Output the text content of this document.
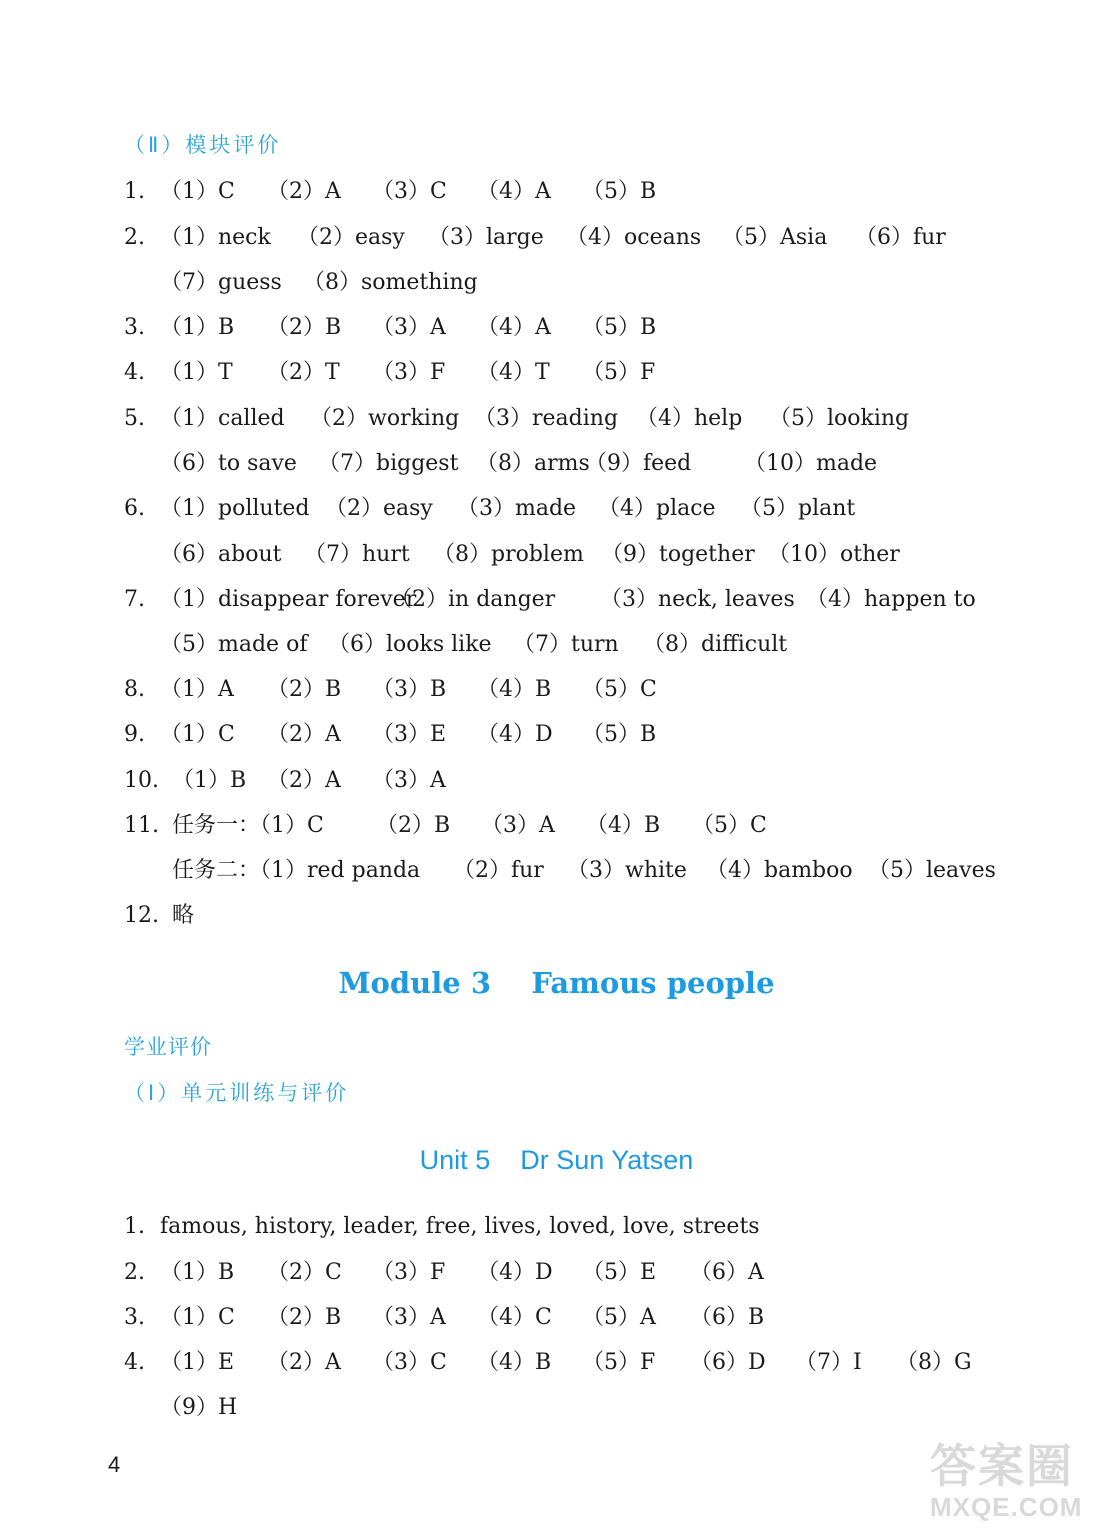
（Ⅱ）模块评价
1. （1）C （2）A （3）C （4）A （5）B
2. （1）neck （2）easy （3）large （4）oceans （5）Asia （6）fur
（7）guess （8）something
3. （1）B （2）B （3）A （4）A （5）B
4. （1）T （2）T （3）F （4）T （5）F
5. （1）called （2）working （3）reading （4）help （5）looking
（6）to save （7）biggest （8）arms
（9）feed （10）made
6. （1）polluted （2）easy （3）made （4）place （5）plant
（6）about （7）hurt （8）problem （9）together （10）other
7. （1）disappear forever
（2）in danger （3）neck, leaves （4）happen to
（5）made of （6）looks like （7）turn （8）difficult
8. （1）A （2）B （3）B （4）B （5）C
9. （1）C （2）A （3）E （4）D （5）B
10. （1）B （2）A （3）A
11. 任务一：（1）C （2）B （3）A （4）B （5）C
任务二：（1）red panda （2）fur （3）white （4）bamboo （5）leaves
12. 略
Module 3    Famous people
学业评价
（Ⅰ）单元训练与评价
Unit 5    Dr Sun Yatsen
1. famous, history, leader, free, lives, loved, love, streets
2. （1）B （2）C （3）F （4）D （5）E （6）A
3. （1）C （2）B （3）A （4）C （5）A （6）B
4. （1）E （2）A （3）C （4）B （5）F （6）D （7）I （8）G
（9）H
4	答案圈
MXQE.COM
